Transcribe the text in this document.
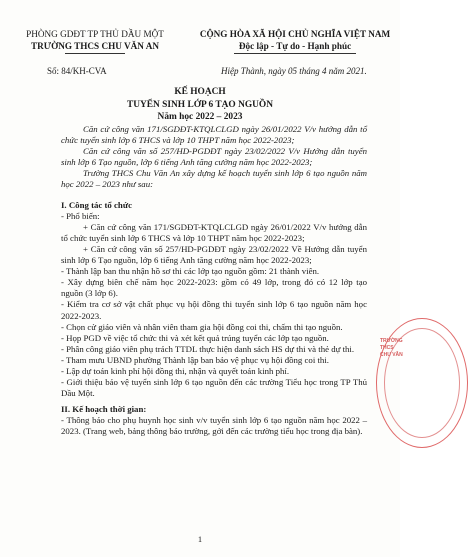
PHÒNG GDĐT TP THỦ DẦU MỘT
TRƯỜNG THCS CHU VĂN AN
CỘNG HÒA XÃ HỘI CHỦ NGHĨA VIỆT NAM
Độc lập - Tự do - Hạnh phúc
Số: 84/KH-CVA	Hiệp Thành, ngày 05 tháng 4 năm 2021.
KẾ HOẠCH
TUYỂN SINH LỚP 6 TẠO NGUỒN
Năm học 2022 – 2023

Căn cứ công văn 171/SGDĐT-KTQLCLGD ngày 26/01/2022 V/v hướng dẫn tổ chức tuyển sinh lớp 6 THCS và lớp 10 THPT năm học 2022-2023;

Căn cứ công văn số 257/HD-PGDĐT ngày 23/02/2022 V/v Hướng dẫn tuyển sinh lớp 6 Tạo nguồn, lớp 6 tiếng Anh tăng cường năm học 2022-2023;

Trường THCS Chu Văn An xây dựng kế hoạch tuyển sinh lớp 6 tạo nguồn năm học 2022 – 2023 như sau:

I. Công tác tổ chức

- Phổ biến:

+ Căn cứ công văn 171/SGDĐT-KTQLCLGD ngày 26/01/2022 V/v hướng dẫn tổ chức tuyển sinh lớp 6 THCS và lớp 10 THPT năm học 2022-2023;

+ Căn cứ công văn số 257/HD-PGDĐT ngày 23/02/2022 Về Hướng dẫn tuyển sinh lớp 6 Tạo nguồn, lớp 6 tiếng Anh tăng cường năm học 2022-2023;

- Thành lập ban thu nhận hồ sơ thi các lớp tạo nguồn gồm: 21 thành viên.

- Xây dựng biên chế năm học 2022-2023: gồm có 49 lớp, trong đó có 12 lớp tạo nguồn (3 lớp 6).

- Kiểm tra cơ sở vật chất phục vụ hội đồng thi tuyển sinh lớp 6 tạo nguồn năm học 2022-2023.

- Chọn cử giáo viên và nhân viên tham gia hội đồng coi thi, chấm thi tạo nguồn.

- Họp PGD về việc tổ chức thi và xét kết quả trúng tuyển các lớp tạo nguồn.

- Phân công giáo viên phụ trách TTDL thực hiện danh sách HS dự thi và thẻ dự thi.

- Tham mưu UBND phường Thành lập ban bảo vệ phục vụ hội đồng coi thi.

- Lập dự toán kinh phí hội đồng thi, nhận và quyết toán kinh phí.

- Giới thiệu bảo vệ tuyển sinh lớp 6 tạo nguồn đến các trường Tiểu học trong TP Thủ Dầu Một.

II. Kế hoạch thời gian:

- Thông báo cho phụ huynh học sinh v/v tuyển sinh lớp 6 tạo nguồn năm học 2022 – 2023. (Trang web, bảng thông báo trường, gởi đến các trường tiểu học trong địa bàn).

TRƯỜNG
THCS
CHU VĂN
1
